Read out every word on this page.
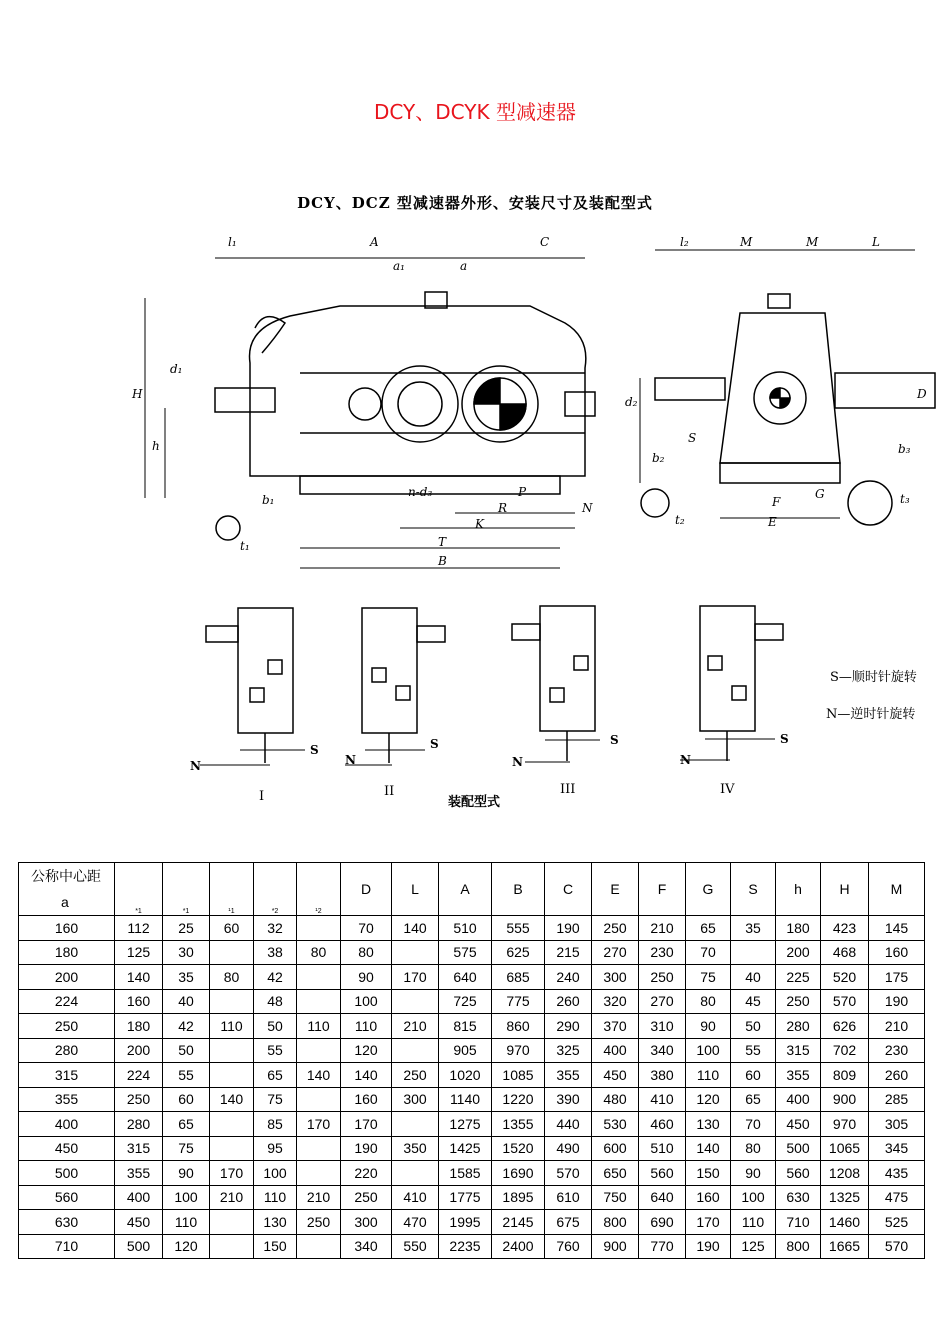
DCY、DCYK 型减速器
DCY、DCZ 型减速器外形、安装尺寸及装配型式
l₁	A	C
a₁	a
l₂	M	M	L
H
d₁
h
d₂
D
S
b₃
b₂
b₁
t₁
t₂
t₃
n-d₃	P
R
K
N
T
B
F
G
E
S
N
S
N
S
N
S
N
I	II	III	IV
装配型式
S—顺时针旋转
N—逆时针旋转
公称中心距
a	*1	*1	¹1	*2	¹2	D	L	A	B	C	E	F	G	S	h	H	M
160	112	25	60	32		70	140	510	555	190	250	210	65	35	180	423	145
180	125	30		38	80	80		575	625	215	270	230	70		200	468	160
200	140	35	80	42		90	170	640	685	240	300	250	75	40	225	520	175
224	160	40		48		100		725	775	260	320	270	80	45	250	570	190
250	180	42	110	50	110	110	210	815	860	290	370	310	90	50	280	626	210
280	200	50		55		120		905	970	325	400	340	100	55	315	702	230
315	224	55		65	140	140	250	1020	1085	355	450	380	110	60	355	809	260
355	250	60	140	75		160	300	1140	1220	390	480	410	120	65	400	900	285
400	280	65		85	170	170		1275	1355	440	530	460	130	70	450	970	305
450	315	75		95		190	350	1425	1520	490	600	510	140	80	500	1065	345
500	355	90	170	100		220		1585	1690	570	650	560	150	90	560	1208	435
560	400	100	210	110	210	250	410	1775	1895	610	750	640	160	100	630	1325	475
630	450	110		130	250	300	470	1995	2145	675	800	690	170	110	710	1460	525
710	500	120		150		340	550	2235	2400	760	900	770	190	125	800	1665	570
